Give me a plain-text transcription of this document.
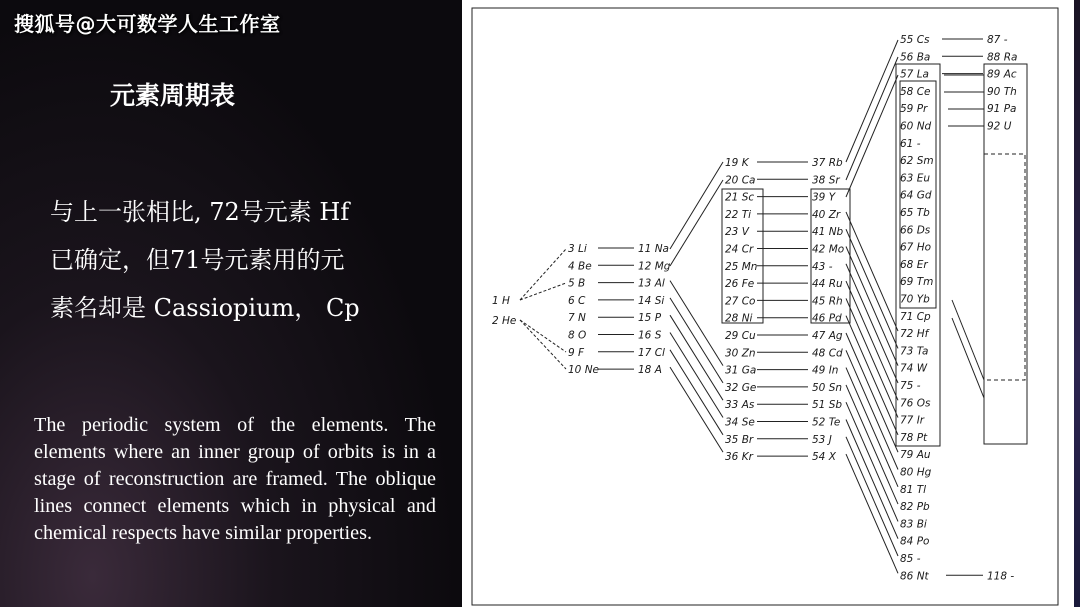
搜狐号@大可数学人生工作室
元素周期表
与上一张相比, 72号元素 Hf
已确定，但71号元素用的元
素名却是 Cassiopium， Cp
The periodic system of the elements. The elements where an inner group of orbits is in a stage of reconstruction are framed. The oblique lines connect elements which in physical and chemical respects have similar properties.
1 H
2 He
3 Li
4 Be
5 B
6 C
7 N
8 O
9 F
10 Ne
11 Na
12 Mg
13 Al
14 Si
15 P
16 S
17 Cl
18 A
19 K
20 Ca
21 Sc
22 Ti
23 V
24 Cr
25 Mn
26 Fe
27 Co
28 Ni
29 Cu
30 Zn
31 Ga
32 Ge
33 As
34 Se
35 Br
36 Kr
37 Rb
38 Sr
39 Y
40 Zr
41 Nb
42 Mo
43 -
44 Ru
45 Rh
46 Pd
47 Ag
48 Cd
49 In
50 Sn
51 Sb
52 Te
53 J
54 X
55 Cs
56 Ba
57 La
58 Ce
59 Pr
60 Nd
61 -
62 Sm
63 Eu
64 Gd
65 Tb
66 Ds
67 Ho
68 Er
69 Tm
70 Yb
71 Cp
72 Hf
73 Ta
74 W
75 -
76 Os
77 Ir
78 Pt
79 Au
80 Hg
81 Tl
82 Pb
83 Bi
84 Po
85 -
86 Nt
87 -
88 Ra
89 Ac
90 Th
91 Pa
92 U
118 -
